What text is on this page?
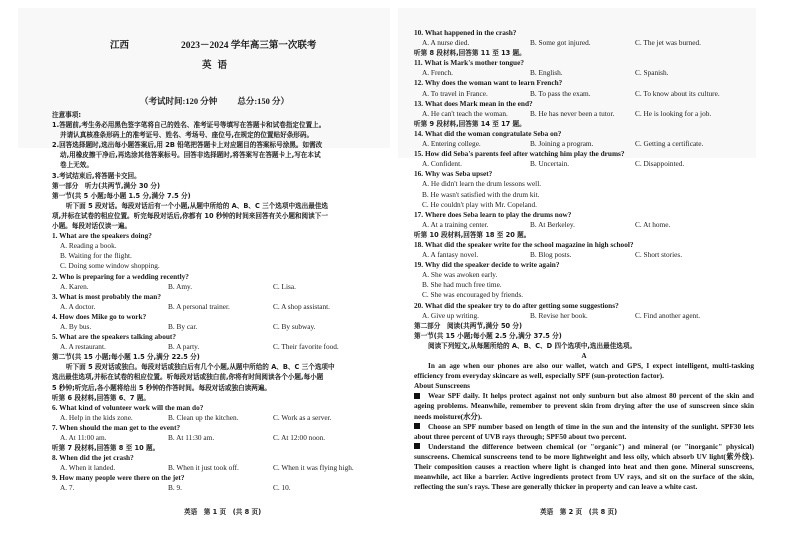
江西	2023－2024 学年高三第一次联考
英语
（考试时间:120 分钟 总分:150 分）
注意事项:
1.答题前,考生务必用黑色签字笔将自己的姓名、准考证号等填写在答题卡和试卷指定位置上。
并请认真核准条形码上的准考证号、姓名、考场号、座位号,在规定的位置贴好条形码。
2.回答选择题时,选出每小题答案后,用 2B 铅笔把答题卡上对应题目的答案标号涂黑。如需改
动,用橡皮擦干净后,再选涂其他答案标号。回答非选择题时,将答案写在答题卡上,写在本试
卷上无效。
3.考试结束后,将答题卡交回。
第一部分　听力(共两节,满分 30 分)
第一节(共 5 小题;每小题 1.5 分,满分 7.5 分)
听下面 5 段对话。每段对话后有一个小题,从题中所给的 A、B、C 三个选项中选出最佳选
项,并标在试卷的相应位置。听完每段对话后,你都有 10 秒钟的时间来回答有关小题和阅读下一
小题。每段对话仅读一遍。
1. What are the speakers doing?
A. Reading a book.
B. Waiting for the flight.
C. Doing some window shopping.
2. Who is preparing for a wedding recently?
A. Karen.	B. Amy.	C. Lisa.
3. What is most probably the man?
A. A doctor.	B. A personal trainer.	C. A shop assistant.
4. How does Mike go to work?
A. By bus.	B. By car.	C. By subway.
5. What are the speakers talking about?
A. A restaurant.	B. A party.	C. Their favorite food.
第二节(共 15 小题;每小题 1.5 分,满分 22.5 分)
听下面 5 段对话或独白。每段对话或独白后有几个小题,从题中所给的 A、B、C 三个选项中
选出最佳选项,并标在试卷的相应位置。听每段对话或独白前,你将有时间阅读各个小题,每小题
5 秒钟;听完后,各小题将给出 5 秒钟的作答时间。每段对话或独白读两遍。
听第 6 段材料,回答第 6、7 题。
6. What kind of volunteer work will the man do?
A. Help in the kids zone.	B. Clean up the kitchen.	C. Work as a server.
7. When should the man get to the event?
A. At 11:00 am.	B. At 11:30 am.	C. At 12:00 noon.
听第 7 段材料,回答第 8 至 10 题。
8. When did the jet crash?
A. When it landed.	B. When it just took off.	C. When it was flying high.
9. How many people were there on the jet?
A. 7.	B. 9.	C. 10.
英语　第 1 页　(共 8 页)
10. What happened in the crash?
A. A nurse died.	B. Some got injured.	C. The jet was burned.
听第 8 段材料,回答第 11 至 13 题。
11. What is Mark's mother tongue?
A. French.	B. English.	C. Spanish.
12. Why does the woman want to learn French?
A. To travel in France.	B. To pass the exam.	C. To know about its culture.
13. What does Mark mean in the end?
A. He can't teach the woman.	B. He has never been a tutor.	C. He is looking for a job.
听第 9 段材料,回答第 14 至 17 题。
14. What did the woman congratulate Seba on?
A. Entering college.	B. Joining a program.	C. Getting a certificate.
15. How did Seba's parents feel after watching him play the drums?
A. Confident.	B. Uncertain.	C. Disappointed.
16. Why was Seba upset?
A. He didn't learn the drum lessons well.
B. He wasn't satisfied with the drum kit.
C. He couldn't play with Mr. Copeland.
17. Where does Seba learn to play the drums now?
A. At a training center.	B. At Berkeley.	C. At home.
听第 10 段材料,回答第 18 至 20 题。
18. What did the speaker write for the school magazine in high school?
A. A fantasy novel.	B. Blog posts.	C. Short stories.
19. Why did the speaker decide to write again?
A. She was awoken early.
B. She had much free time.
C. She was encouraged by friends.
20. What did the speaker try to do after getting some suggestions?
A. Give up writing.	B. Revise her book.	C. Find another agent.
第二部分　阅读(共两节,满分 50 分)
第一节(共 15 小题;每小题 2.5 分,满分 37.5 分)
阅读下列短文,从每题所给的 A、B、C、D 四个选项中,选出最佳选项。
A
In an age when our phones are also our wallet, watch and GPS, I expect intelligent, multi-tasking efficiency from everyday skincare as well, especially SPF (sun-protection factor).
About Sunscreens
Wear SPF daily. It helps protect against not only sunburn but also almost 80 percent of the skin and ageing problems. Meanwhile, remember to prevent skin from drying after the use of sunscreen since skin needs moisture(水分).
Choose an SPF number based on length of time in the sun and the intensity of the sunlight. SPF30 lets about three percent of UVB rays through; SPF50 about two percent.
Understand the difference between chemical (or "organic") and mineral (or "inorganic" physical) sunscreens. Chemical sunscreens tend to be more lightweight and less oily, which absorb UV light(紫外线). Their composition causes a reaction where light is changed into heat and then gone. Mineral sunscreens, meanwhile, act like a barrier. Active ingredients protect from UV rays, and sit on the surface of the skin, reflecting the sun's rays. These are generally thicker in property and can leave a white cast.
英语　第 2 页　(共 8 页)
